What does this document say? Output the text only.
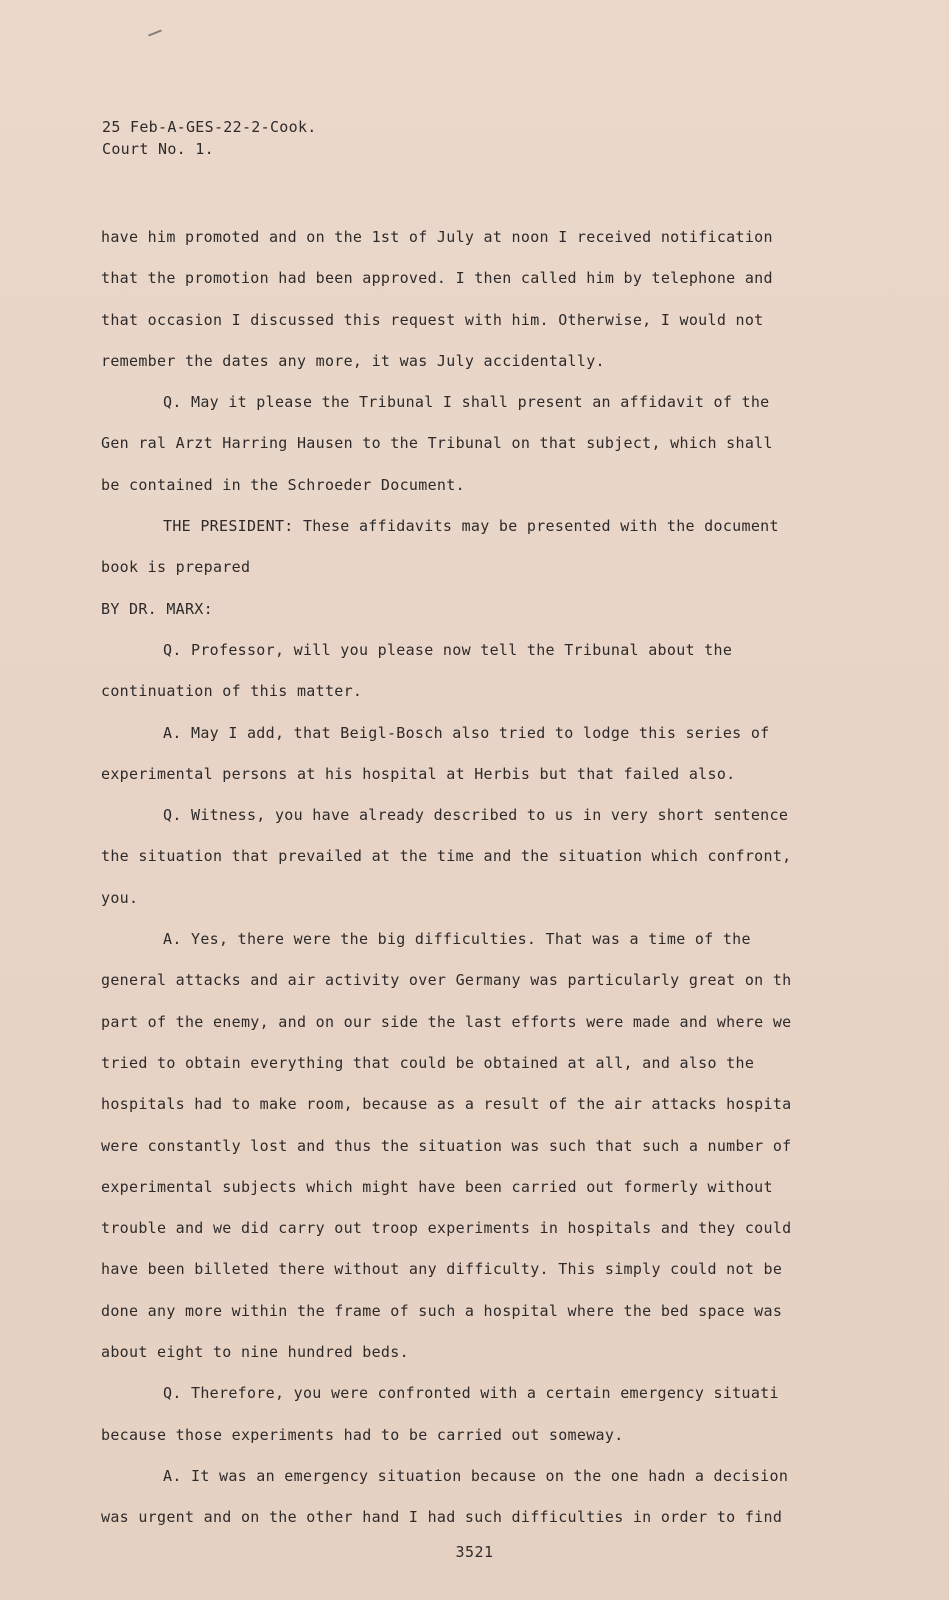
25 Feb-A-GES-22-2-Cook.
Court No. 1.
have him promoted and on the 1st of July at noon I received notification
that the promotion had been approved. I then called him by telephone and
that occasion I discussed this request with him. Otherwise, I would not
remember the dates any more, it was July accidentally.
Q. May it please the Tribunal I shall present an affidavit of the
Gen ral Arzt Harring Hausen to the Tribunal on that subject, which shall
be contained in the Schroeder Document.
THE PRESIDENT: These affidavits may be presented with the document
book is prepared
BY DR. MARX:
Q. Professor, will you please now tell the Tribunal about the
continuation of this matter.
A. May I add, that Beigl-Bosch also tried to lodge this series of
experimental persons at his hospital at Herbis but that failed also.
Q. Witness, you have already described to us in very short sentence
the situation that prevailed at the time and the situation which confront,
you.
A. Yes, there were the big difficulties. That was a time of the
general attacks and air activity over Germany was particularly great on th
part of the enemy, and on our side the last efforts were made and where we
tried to obtain everything that could be obtained at all, and also the
hospitals had to make room, because as a result of the air attacks hospita
were constantly lost and thus the situation was such that such a number of
experimental subjects which might have been carried out formerly without
trouble and we did carry out troop experiments in hospitals and they could
have been billeted there without any difficulty. This simply could not be
done any more within the frame of such a hospital where the bed space was
about eight to nine hundred beds.
Q. Therefore, you were confronted with a certain emergency situati
because those experiments had to be carried out someway.
A. It was an emergency situation because on the one hadn a decision
was urgent and on the other hand I had such difficulties in order to find
3521
